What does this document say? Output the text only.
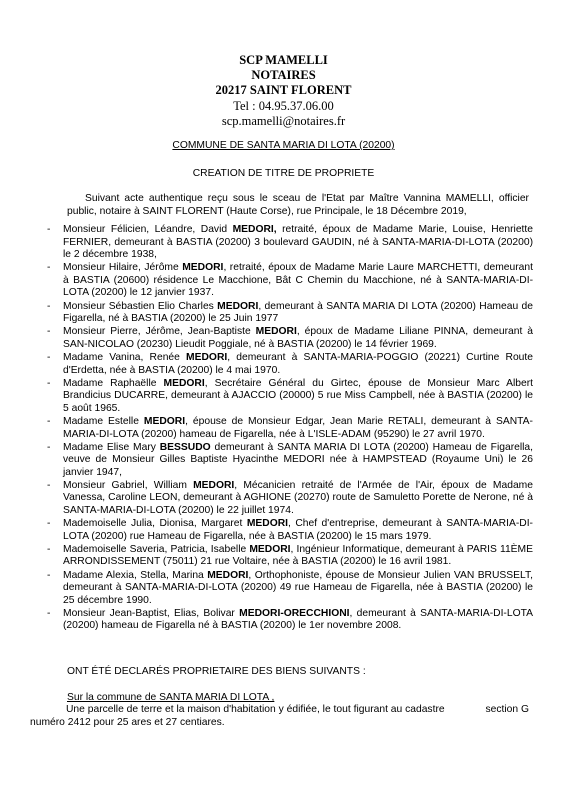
SCP MAMELLI
NOTAIRES
20217 SAINT FLORENT
Tel : 04.95.37.06.00
scp.mamelli@notaires.fr
COMMUNE DE SANTA MARIA DI LOTA (20200)
CREATION DE TITRE DE PROPRIETE
Suivant acte authentique reçu sous le sceau de l'Etat par Maître Vannina MAMELLI, officier public, notaire à SAINT FLORENT (Haute Corse), rue Principale, le 18 Décembre 2019,
- Monsieur Félicien, Léandre, David MEDORI, retraité, époux de Madame Marie, Louise, Henriette FERNIER, demeurant à BASTIA (20200) 3 boulevard GAUDIN, né à SANTA-MARIA-DI-LOTA (20200) le 2 décembre 1938,
- Monsieur Hilaire, Jérôme MEDORI, retraité, époux de Madame Marie Laure MARCHETTI, demeurant à BASTIA (20600) résidence Le Macchione, Bât C Chemin du Macchione, né à SANTA-MARIA-DI-LOTA (20200) le 12 janvier 1937.
- Monsieur Sébastien Elio Charles MEDORI, demeurant à SANTA MARIA DI LOTA (20200) Hameau de Figarella, né à BASTIA (20200) le 25 Juin 1977
- Monsieur Pierre, Jérôme, Jean-Baptiste MEDORI, époux de Madame Liliane PINNA, demeurant à SAN-NICOLAO (20230) Lieudit Poggiale, né à BASTIA (20200) le 14 février 1969.
- Madame Vanina, Renée MEDORI, demeurant à SANTA-MARIA-POGGIO (20221) Curtine Route d'Erdetta, née à BASTIA (20200) le 4 mai 1970.
- Madame Raphaëlle MEDORI, Secrétaire Général du Girtec, épouse de Monsieur Marc Albert Brandicius DUCARRE, demeurant à AJACCIO (20000) 5 rue Miss Campbell, née à BASTIA (20200) le 5 août 1965.
- Madame Estelle MEDORI, épouse de Monsieur Edgar, Jean Marie RETALI, demeurant à SANTA-MARIA-DI-LOTA (20200) hameau de Figarella, née à L'ISLE-ADAM (95290) le 27 avril 1970.
- Madame Elise Mary BESSUDO demeurant à SANTA MARIA DI LOTA (20200) Hameau de Figarella, veuve de Monsieur Gilles Baptiste Hyacinthe MEDORI née à HAMPSTEAD (Royaume Uni) le 26 janvier 1947,
- Monsieur Gabriel, William MEDORI, Mécanicien retraité de l'Armée de l'Air, époux de Madame Vanessa, Caroline LEON, demeurant à AGHIONE (20270) route de Samuletto Porette de Nerone, né à SANTA-MARIA-DI-LOTA (20200) le 22 juillet 1974.
- Mademoiselle Julia, Dionisa, Margaret MEDORI, Chef d'entreprise, demeurant à SANTA-MARIA-DI-LOTA (20200) rue Hameau de Figarella, née à BASTIA (20200) le 15 mars 1979.
- Mademoiselle Saveria, Patricia, Isabelle MEDORI, Ingénieur Informatique, demeurant à PARIS 11ÈME ARRONDISSEMENT (75011) 21 rue Voltaire, née à BASTIA (20200) le 16 avril 1981.
- Madame Alexia, Stella, Marina MEDORI, Orthophoniste, épouse de Monsieur Julien VAN BRUSSELT, demeurant à SANTA-MARIA-DI-LOTA (20200) 49 rue Hameau de Figarella, née à BASTIA (20200) le 25 décembre 1990.
- Monsieur Jean-Baptist, Elias, Bolivar MEDORI-ORECCHIONI, demeurant à SANTA-MARIA-DI-LOTA (20200) hameau de Figarella né à BASTIA (20200) le 1er novembre 2008.
ONT ÉTÉ DECLARÉS PROPRIETAIRE DES BIENS SUIVANTS :
Sur la commune de SANTA MARIA DI LOTA ,
Une parcelle de terre et la maison d'habitation y édifiée, le tout figurant au cadastre	section G
numéro 2412 pour 25 ares et 27 centiares.
